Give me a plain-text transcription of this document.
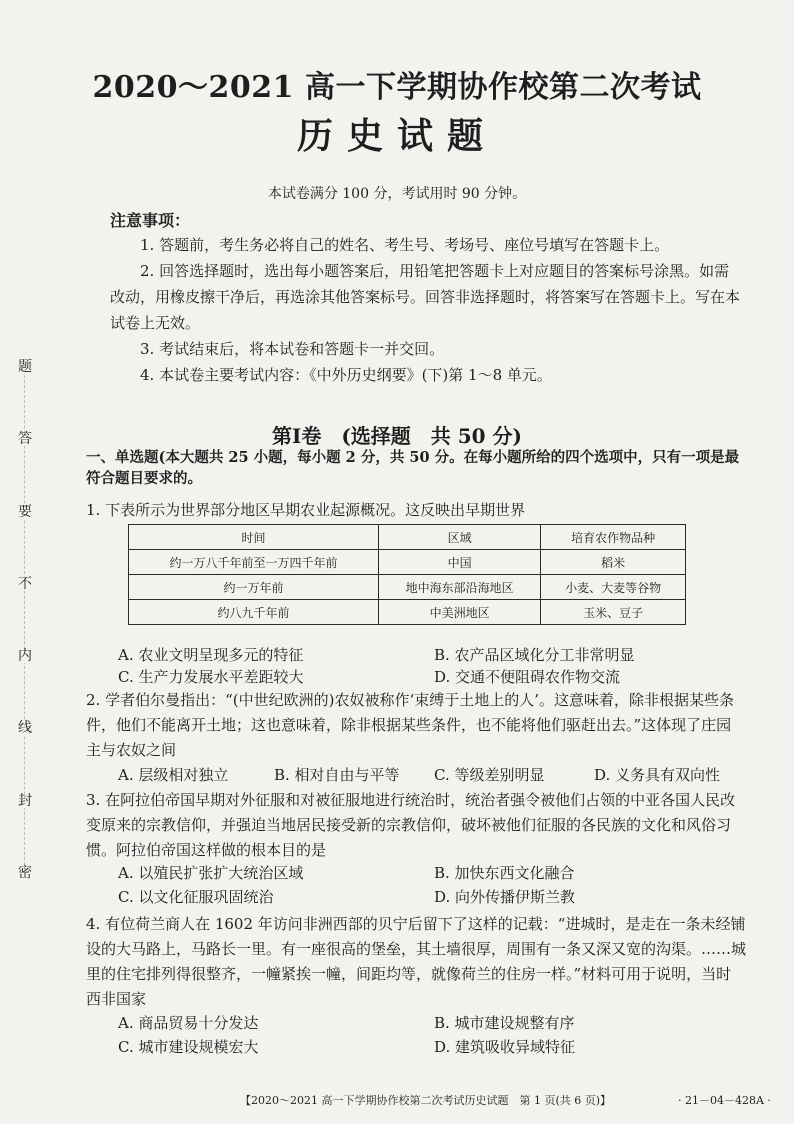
题
答
要
不
内
线
封
密
2020～2021 高一下学期协作校第二次考试
历史试题
本试卷满分 100 分，考试用时 90 分钟。
注意事项：

1. 答题前，考生务必将自己的姓名、考生号、考场号、座位号填写在答题卡上。

2. 回答选择题时，选出每小题答案后，用铅笔把答题卡上对应题目的答案标号涂黑。如需改动，用橡皮擦干净后，再选涂其他答案标号。回答非选择题时，将答案写在答题卡上。写在本试卷上无效。

3. 考试结束后，将本试卷和答题卡一并交回。

4. 本试卷主要考试内容：《中外历史纲要》(下)第 1～8 单元。

第Ⅰ卷　(选择题　共 50 分)
一、单选题(本大题共 25 小题，每小题 2 分，共 50 分。在每小题所给的四个选项中，只有一项是最符合题目要求的。

1. 下表所示为世界部分地区早期农业起源概况。这反映出早期世界

时间	区域	培育农作物品种
约一万八千年前至一万四千年前	中国	稻米
约一万年前	地中海东部沿海地区	小麦、大麦等谷物
约八九千年前	中美洲地区	玉米、豆子
A. 农业文明呈现多元的特征	B. 农产品区域化分工非常明显
C. 生产力发展水平差距较大	D. 交通不便阻碍农作物交流

2. 学者伯尔曼指出：“(中世纪欧洲的)农奴被称作‘束缚于土地上的人’。这意味着，除非根据某些条件，他们不能离开土地；这也意味着，除非根据某些条件，也不能将他们驱赶出去。”这体现了庄园主与农奴之间

A. 层级相对独立	B. 相对自由与平等 C. 等级差别明显	D. 义务具有双向性

3. 在阿拉伯帝国早期对外征服和对被征服地进行统治时，统治者强令被他们占领的中亚各国人民改变原来的宗教信仰，并强迫当地居民接受新的宗教信仰，破坏被他们征服的各民族的文化和风俗习惯。阿拉伯帝国这样做的根本目的是

A. 以殖民扩张扩大统治区域	B. 加快东西文化融合
C. 以文化征服巩固统治	D. 向外传播伊斯兰教

4. 有位荷兰商人在 1602 年访问非洲西部的贝宁后留下了这样的记载：“进城时，是走在一条未经铺设的大马路上，马路长一里。有一座很高的堡垒，其土墙很厚，周围有一条又深又宽的沟渠。……城里的住宅排列得很整齐，一幢紧挨一幢，间距均等，就像荷兰的住房一样。”材料可用于说明，当时西非国家

A. 商品贸易十分发达	B. 城市建设规整有序
C. 城市建设规模宏大	D. 建筑吸收异域特征
【2020～2021 高一下学期协作校第二次考试历史试题　第 1 页(共 6 页)】	· 21－04－428A ·
